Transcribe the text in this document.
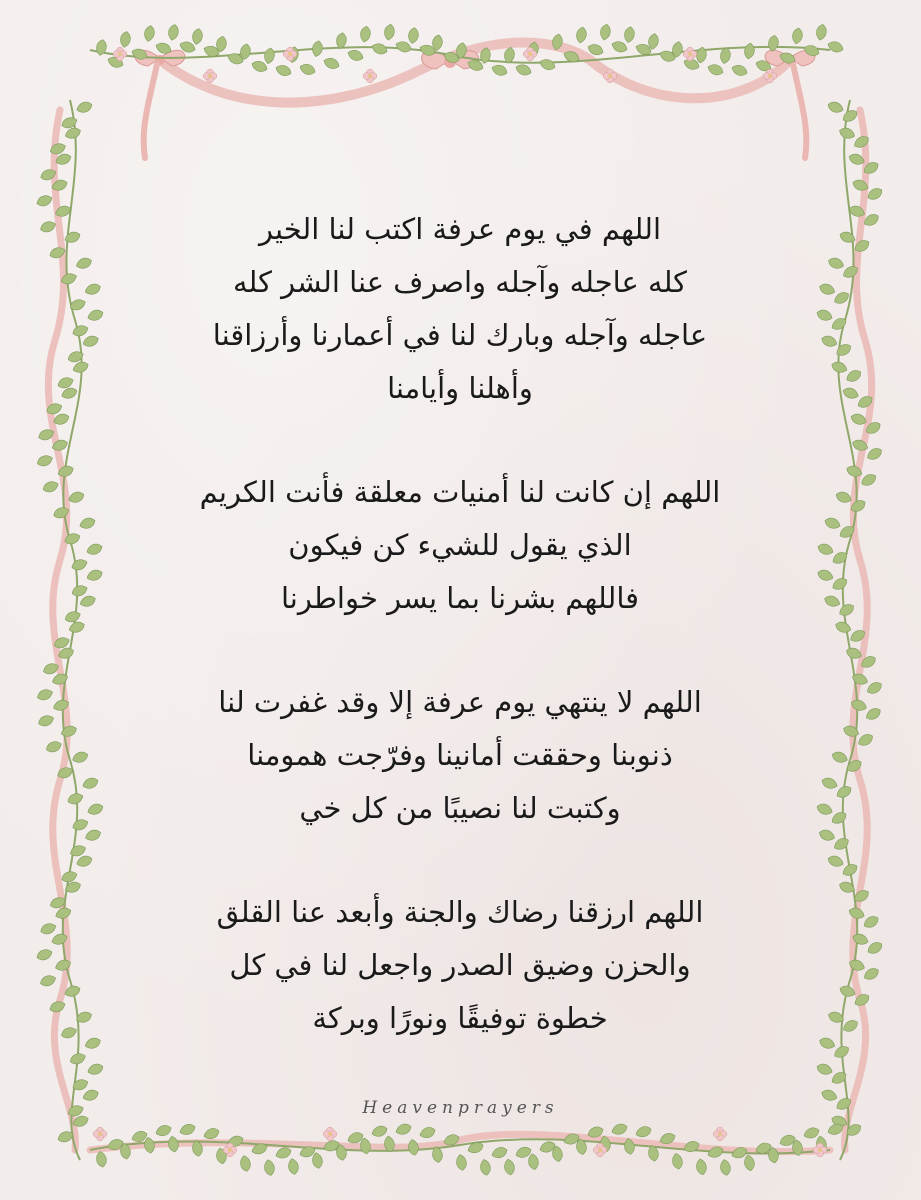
اللهم في يوم عرفة اكتب لنا الخير
كله عاجله وآجله واصرف عنا الشر كله
عاجله وآجله وبارك لنا في أعمارنا وأرزاقنا
وأهلنا وأيامنا
اللهم إن كانت لنا أمنيات معلقة فأنت الكريم
الذي يقول للشيء كن فيكون
فاللهم بشرنا بما يسر خواطرنا
اللهم لا ينتهي يوم عرفة إلا وقد غفرت لنا
ذنوبنا وحققت أمانينا وفرّجت همومنا
وكتبت لنا نصيبًا من كل خي
اللهم ارزقنا رضاك والجنة وأبعد عنا القلق
والحزن وضيق الصدر واجعل لنا في كل
خطوة توفيقًا ونورًا وبركة
Heavenprayers
